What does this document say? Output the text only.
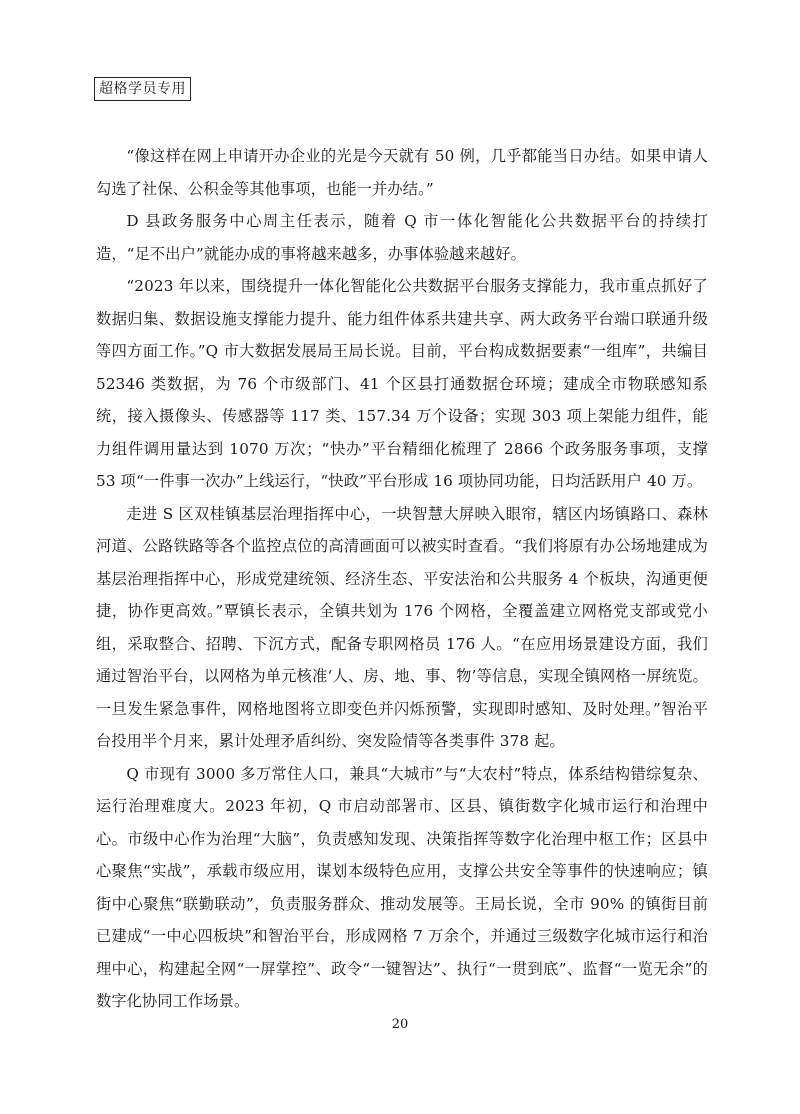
超格学员专用

“像这样在网上申请开办企业的光是今天就有 50 例，几乎都能当日办结。如果申请人勾选了社保、公积金等其他事项，也能一并办结。”

D 县政务服务中心周主任表示，随着 Q 市一体化智能化公共数据平台的持续打造，“足不出户”就能办成的事将越来越多，办事体验越来越好。

“2023 年以来，围绕提升一体化智能化公共数据平台服务支撑能力，我市重点抓好了数据归集、数据设施支撑能力提升、能力组件体系共建共享、两大政务平台端口联通升级等四方面工作。”Q 市大数据发展局王局长说。目前，平台构成数据要素“一组库”，共编目 52346 类数据，为 76 个市级部门、41 个区县打通数据仓环境；建成全市物联感知系统，接入摄像头、传感器等 117 类、157.34 万个设备；实现 303 项上架能力组件，能力组件调用量达到 1070 万次；“快办”平台精细化梳理了 2866 个政务服务事项，支撑 53 项“一件事一次办”上线运行，“快政”平台形成 16 项协同功能，日均活跃用户 40 万。

走进 S 区双桂镇基层治理指挥中心，一块智慧大屏映入眼帘，辖区内场镇路口、森林河道、公路铁路等各个监控点位的高清画面可以被实时查看。“我们将原有办公场地建成为基层治理指挥中心，形成党建统领、经济生态、平安法治和公共服务 4 个板块，沟通更便捷，协作更高效。”覃镇长表示，全镇共划为 176 个网格，全覆盖建立网格党支部或党小组，采取整合、招聘、下沉方式，配备专职网格员 176 人。“在应用场景建设方面，我们通过智治平台，以网格为单元核准‘人、房、地、事、物’等信息，实现全镇网格一屏统览。一旦发生紧急事件，网格地图将立即变色并闪烁预警，实现即时感知、及时处理。”智治平台投用半个月来，累计处理矛盾纠纷、突发险情等各类事件 378 起。

Q 市现有 3000 多万常住人口，兼具“大城市”与“大农村”特点，体系结构错综复杂、运行治理难度大。2023 年初，Q 市启动部署市、区县、镇街数字化城市运行和治理中心。市级中心作为治理“大脑”，负责感知发现、决策指挥等数字化治理中枢工作；区县中心聚焦“实战”，承载市级应用，谋划本级特色应用，支撑公共安全等事件的快速响应；镇街中心聚焦“联勤联动”，负责服务群众、推动发展等。王局长说，全市 90% 的镇街目前已建成“一中心四板块”和智治平台，形成网格 7 万余个，并通过三级数字化城市运行和治理中心，构建起全网“一屏掌控”、政令“一键智达”、执行“一贯到底”、监督“一览无余”的数字化协同工作场景。

20
